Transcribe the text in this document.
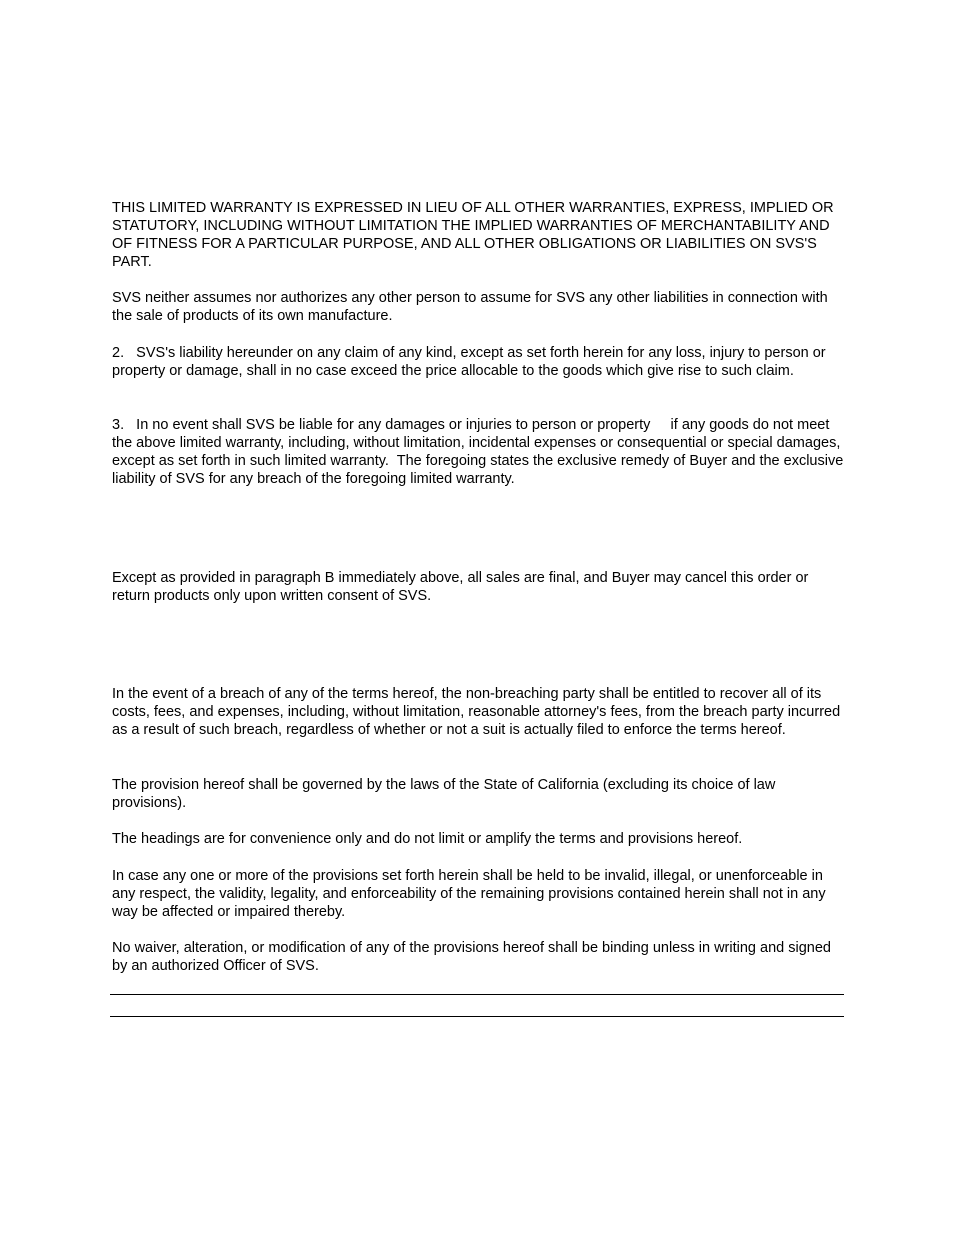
THIS LIMITED WARRANTY IS EXPRESSED IN LIEU OF ALL OTHER WARRANTIES, EXPRESS, IMPLIED OR STATUTORY, INCLUDING WITHOUT LIMITATION THE IMPLIED WARRANTIES OF MERCHANTABILITY AND OF FITNESS FOR A PARTICULAR PURPOSE, AND ALL OTHER OBLIGATIONS OR LIABILITIES ON SVS'S PART.

SVS neither assumes nor authorizes any other person to assume for SVS any other liabilities in connection with the sale of products of its own manufacture.

2.   SVS's liability hereunder on any claim of any kind, except as set forth herein for any loss, injury to person or property or damage, shall in no case exceed the price allocable to the goods which give rise to such claim.

3.   In no event shall SVS be liable for any damages or injuries to person or property     if any goods do not meet the above limited warranty, including, without limitation, incidental expenses or consequential or special damages, except as set forth in such limited warranty.  The foregoing states the exclusive remedy of Buyer and the exclusive liability of SVS for any breach of the foregoing limited warranty.

Except as provided in paragraph B immediately above, all sales are final, and Buyer may cancel this order or return products only upon written consent of SVS.

In the event of a breach of any of the terms hereof, the non-breaching party shall be entitled to recover all of its costs, fees, and expenses, including, without limitation, reasonable attorney's fees, from the breach party incurred as a result of such breach, regardless of whether or not a suit is actually filed to enforce the terms hereof.

The provision hereof shall be governed by the laws of the State of California (excluding its choice of law provisions).

The headings are for convenience only and do not limit or amplify the terms and provisions hereof.

In case any one or more of the provisions set forth herein shall be held to be invalid, illegal, or unenforceable in any respect, the validity, legality, and enforceability of the remaining provisions contained herein shall not in any way be affected or impaired thereby.

No waiver, alteration, or modification of any of the provisions hereof shall be binding unless in writing and signed by an authorized Officer of SVS.
